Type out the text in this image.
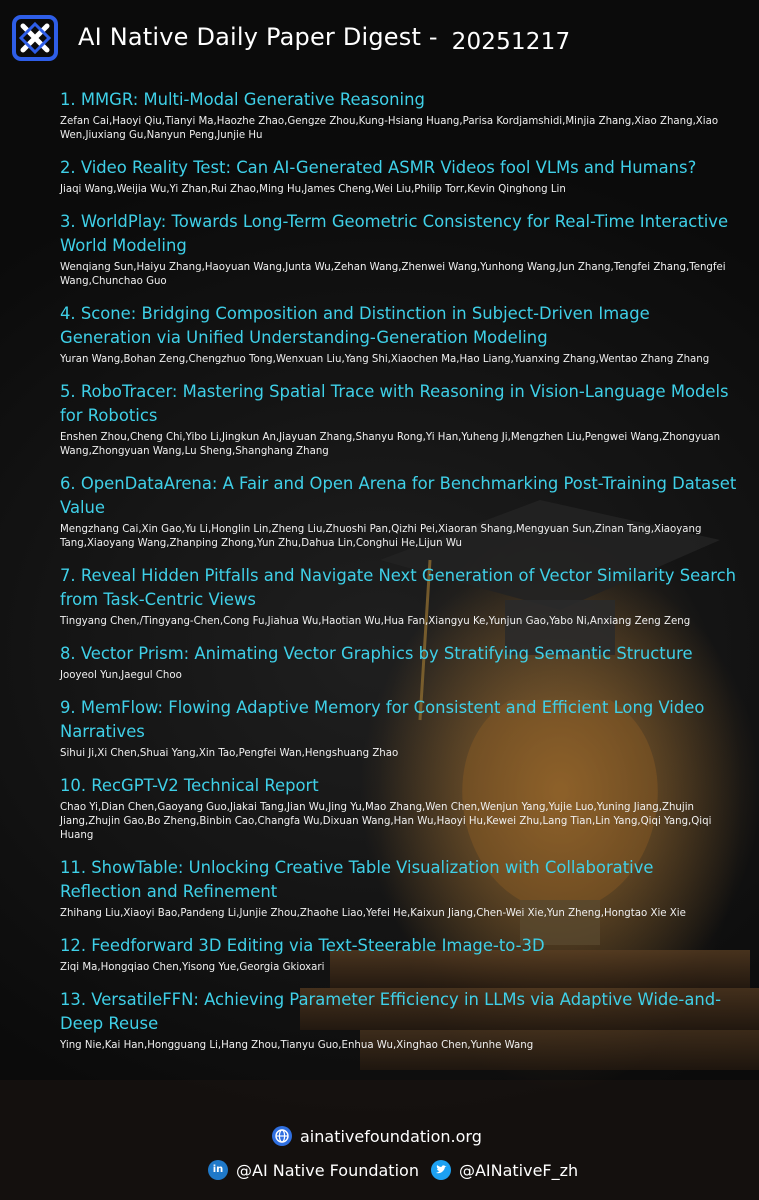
AI Native Daily Paper Digest - 20251217
1. MMGR: Multi-Modal Generative Reasoning
Zefan Cai,Haoyi Qiu,Tianyi Ma,Haozhe Zhao,Gengze Zhou,Kung-Hsiang Huang,Parisa Kordjamshidi,Minjia Zhang,Xiao Zhang,Xiao Wen,Jiuxiang Gu,Nanyun Peng,Junjie Hu
2. Video Reality Test: Can AI-Generated ASMR Videos fool VLMs and Humans?
Jiaqi Wang,Weijia Wu,Yi Zhan,Rui Zhao,Ming Hu,James Cheng,Wei Liu,Philip Torr,Kevin Qinghong Lin
3. WorldPlay: Towards Long-Term Geometric Consistency for Real-Time Interactive World Modeling
Wenqiang Sun,Haiyu Zhang,Haoyuan Wang,Junta Wu,Zehan Wang,Zhenwei Wang,Yunhong Wang,Jun Zhang,Tengfei Zhang,Tengfei Wang,Chunchao Guo
4. Scone: Bridging Composition and Distinction in Subject-Driven Image Generation via Unified Understanding-Generation Modeling
Yuran Wang,Bohan Zeng,Chengzhuo Tong,Wenxuan Liu,Yang Shi,Xiaochen Ma,Hao Liang,Yuanxing Zhang,Wentao Zhang Zhang
5. RoboTracer: Mastering Spatial Trace with Reasoning in Vision-Language Models for Robotics
Enshen Zhou,Cheng Chi,Yibo Li,Jingkun An,Jiayuan Zhang,Shanyu Rong,Yi Han,Yuheng Ji,Mengzhen Liu,Pengwei Wang,Zhongyuan Wang,Zhongyuan Wang,Lu Sheng,Shanghang Zhang
6. OpenDataArena: A Fair and Open Arena for Benchmarking Post-Training Dataset Value
Mengzhang Cai,Xin Gao,Yu Li,Honglin Lin,Zheng Liu,Zhuoshi Pan,Qizhi Pei,Xiaoran Shang,Mengyuan Sun,Zinan Tang,Xiaoyang Tang,Xiaoyang Wang,Zhanping Zhong,Yun Zhu,Dahua Lin,Conghui He,Lijun Wu
7. Reveal Hidden Pitfalls and Navigate Next Generation of Vector Similarity Search from Task-Centric Views
Tingyang Chen,/Tingyang-Chen,Cong Fu,Jiahua Wu,Haotian Wu,Hua Fan,Xiangyu Ke,Yunjun Gao,Yabo Ni,Anxiang Zeng Zeng
8. Vector Prism: Animating Vector Graphics by Stratifying Semantic Structure
Jooyeol Yun,Jaegul Choo
9. MemFlow: Flowing Adaptive Memory for Consistent and Efficient Long Video Narratives
Sihui Ji,Xi Chen,Shuai Yang,Xin Tao,Pengfei Wan,Hengshuang Zhao
10. RecGPT-V2 Technical Report
Chao Yi,Dian Chen,Gaoyang Guo,Jiakai Tang,Jian Wu,Jing Yu,Mao Zhang,Wen Chen,Wenjun Yang,Yujie Luo,Yuning Jiang,Zhujin Jiang,Zhujin Gao,Bo Zheng,Binbin Cao,Changfa Wu,Dixuan Wang,Han Wu,Haoyi Hu,Kewei Zhu,Lang Tian,Lin Yang,Qiqi Yang,Qiqi Huang
11. ShowTable: Unlocking Creative Table Visualization with Collaborative Reflection and Refinement
Zhihang Liu,Xiaoyi Bao,Pandeng Li,Junjie Zhou,Zhaohe Liao,Yefei He,Kaixun Jiang,Chen-Wei Xie,Yun Zheng,Hongtao Xie Xie
12. Feedforward 3D Editing via Text-Steerable Image-to-3D
Ziqi Ma,Hongqiao Chen,Yisong Yue,Georgia Gkioxari
13. VersatileFFN: Achieving Parameter Efficiency in LLMs via Adaptive Wide-and-Deep Reuse
Ying Nie,Kai Han,Hongguang Li,Hang Zhou,Tianyu Guo,Enhua Wu,Xinghao Chen,Yunhe Wang
ainativefoundation.org
in @AI Native Foundation	@AINativeF_zh
